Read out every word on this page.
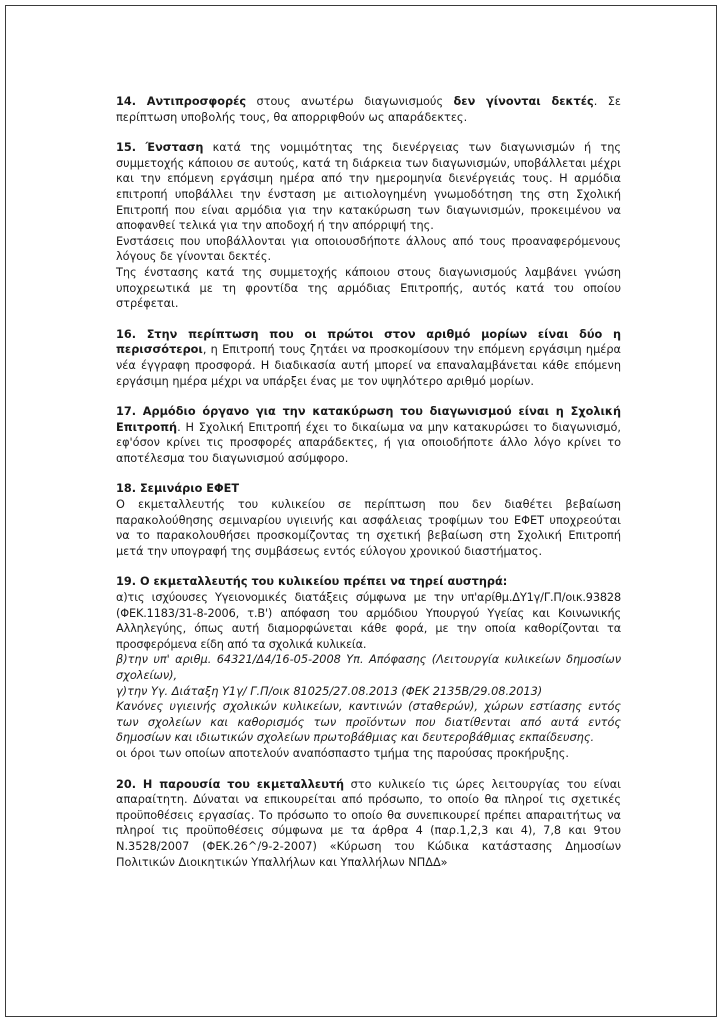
14. Αντιπροσφορές στους ανωτέρω διαγωνισμούς δεν γίνονται δεκτές. Σε περίπτωση υποβολής τους, θα απορριφθούν ως απαράδεκτες.

15. Ένσταση κατά της νομιμότητας της διενέργειας των διαγωνισμών ή της συμμετοχής κάποιου σε αυτούς, κατά τη διάρκεια των διαγωνισμών, υποβάλλεται μέχρι και την επόμενη εργάσιμη ημέρα από την ημερομηνία διενέργειάς τους. Η αρμόδια επιτροπή υποβάλλει την ένσταση με αιτιολογημένη γνωμοδότηση της στη Σχολική Επιτροπή που είναι αρμόδια για την κατακύρωση των διαγωνισμών, προκειμένου να αποφανθεί τελικά για την αποδοχή ή την απόρριψή της.

Ενστάσεις που υποβάλλονται για οποιουσδήποτε άλλους από τους προαναφερόμενους λόγους δε γίνονται δεκτές.

Της ένστασης κατά της συμμετοχής κάποιου στους διαγωνισμούς λαμβάνει γνώση υποχρεωτικά με τη φροντίδα της αρμόδιας Επιτροπής, αυτός κατά του οποίου στρέφεται.

16. Στην περίπτωση που οι πρώτοι στον αριθμό μορίων είναι δύο η περισσότεροι, η Επιτροπή τους ζητάει να προσκομίσουν την επόμενη εργάσιμη ημέρα νέα έγγραφη προσφορά. Η διαδικασία αυτή μπορεί να επαναλαμβάνεται κάθε επόμενη εργάσιμη ημέρα μέχρι να υπάρξει ένας με τον υψηλότερο αριθμό μορίων.
17. Αρμόδιο όργανο για την κατακύρωση του διαγωνισμού είναι η Σχολική Επιτροπή. Η Σχολική Επιτροπή έχει το δικαίωμα να μην κατακυρώσει το διαγωνισμό, εφ'όσον κρίνει τις προσφορές απαράδεκτες, ή για οποιοδήποτε άλλο λόγο κρίνει το αποτέλεσμα του διαγωνισμού ασύμφορο.

18. Σεμινάριο ΕΦΕΤ

Ο εκμεταλλευτής του κυλικείου σε περίπτωση που δεν διαθέτει βεβαίωση παρακολούθησης σεμιναρίου υγιεινής και ασφάλειας τροφίμων του ΕΦΕΤ υποχρεούται να το παρακολουθήσει προσκομίζοντας τη σχετική βεβαίωση στη Σχολική Επιτροπή μετά την υπογραφή της συμβάσεως εντός εύλογου χρονικού διαστήματος.

19. Ο εκμεταλλευτής του κυλικείου πρέπει να τηρεί αυστηρά:

α)τις ισχύουσες Υγειονομικές διατάξεις σύμφωνα με την υπ'αρίθμ.ΔΥ1γ/Γ.Π/οικ.93828 (ΦΕΚ.1183/31-8-2006, τ.Β') απόφαση του αρμόδιου Υπουργού Υγείας και Κοινωνικής Αλληλεγύης, όπως αυτή διαμορφώνεται κάθε φορά, με την οποία καθορίζονται τα προσφερόμενα είδη από τα σχολικά κυλικεία.

β)την υπ' αριθμ. 64321/Δ4/16-05-2008 Υπ. Απόφασης (Λειτουργία κυλικείων δημοσίων σχολείων),

γ)την Υγ. Διάταξη Υ1γ/ Γ.Π/οικ 81025/27.08.2013 (ΦΕΚ 2135Β/29.08.2013)

Κανόνες υγιεινής σχολικών κυλικείων, καντινών (σταθερών), χώρων εστίασης εντός των σχολείων και καθορισμός των προϊόντων που διατίθενται από αυτά εντός δημοσίων και ιδιωτικών σχολείων πρωτοβάθμιας και δευτεροβάθμιας εκπαίδευσης.

οι όροι των οποίων αποτελούν αναπόσπαστο τμήμα της παρούσας προκήρυξης.

20. Η παρουσία του εκμεταλλευτή στο κυλικείο τις ώρες λειτουργίας του είναι απαραίτητη. Δύναται να επικουρείται από πρόσωπο, το οποίο θα πληροί τις σχετικές προϋποθέσεις εργασίας. Το πρόσωπο το οποίο θα συνεπικουρεί πρέπει απαραιτήτως να πληροί τις προϋποθέσεις σύμφωνα με τα άρθρα 4 (παρ.1,2,3 και 4), 7,8 και 9του Ν.3528/2007 (ΦΕΚ.26^/9-2-2007) «Κύρωση του Κώδικα κατάστασης Δημοσίων Πολιτικών Διοικητικών Υπαλλήλων και Υπαλλήλων ΝΠΔΔ»
